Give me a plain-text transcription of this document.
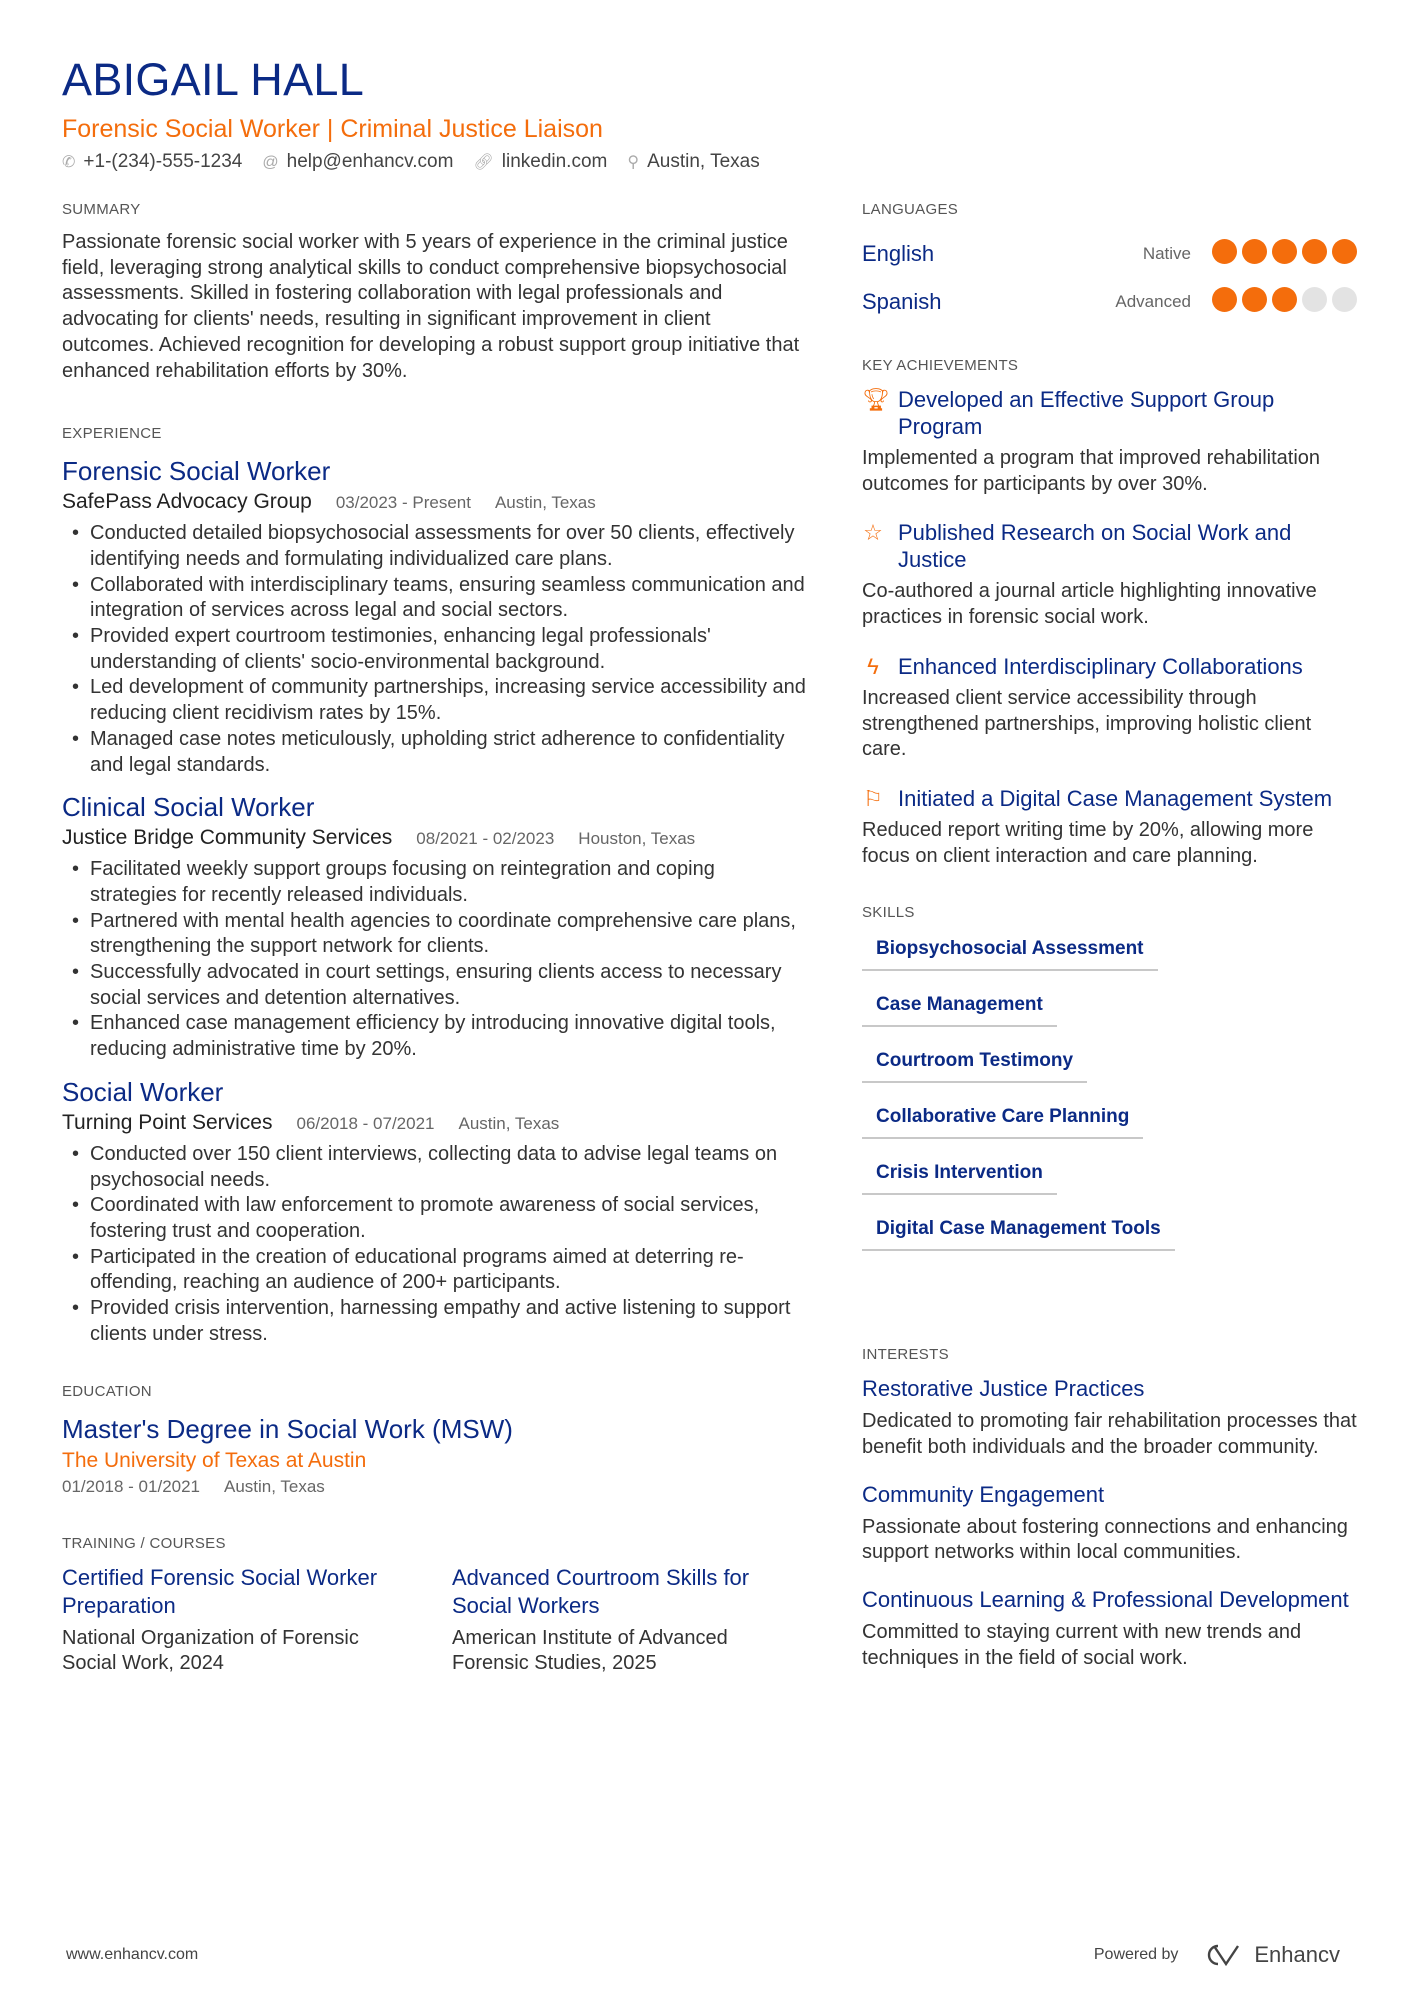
ABIGAIL HALL
Forensic Social Worker | Criminal Justice Liaison
✆ +1-(234)-555-1234 @ help@enhancv.com 🔗︎ linkedin.com ⚲ Austin, Texas
SUMMARY
Passionate forensic social worker with 5 years of experience in the criminal justice field, leveraging strong analytical skills to conduct comprehensive biopsychosocial assessments. Skilled in fostering collaboration with legal professionals and advocating for clients' needs, resulting in significant improvement in client outcomes. Achieved recognition for developing a robust support group initiative that enhanced rehabilitation efforts by 30%.
EXPERIENCE
Forensic Social Worker
SafePass Advocacy Group 03/2023 - Present Austin, Texas
• Conducted detailed biopsychosocial assessments for over 50 clients, effectively identifying needs and formulating individualized care plans.
• Collaborated with interdisciplinary teams, ensuring seamless communication and integration of services across legal and social sectors.
• Provided expert courtroom testimonies, enhancing legal professionals' understanding of clients' socio-environmental background.
• Led development of community partnerships, increasing service accessibility and reducing client recidivism rates by 15%.
• Managed case notes meticulously, upholding strict adherence to confidentiality and legal standards.
Clinical Social Worker
Justice Bridge Community Services 08/2021 - 02/2023 Houston, Texas
• Facilitated weekly support groups focusing on reintegration and coping strategies for recently released individuals.
• Partnered with mental health agencies to coordinate comprehensive care plans, strengthening the support network for clients.
• Successfully advocated in court settings, ensuring clients access to necessary social services and detention alternatives.
• Enhanced case management efficiency by introducing innovative digital tools, reducing administrative time by 20%.
Social Worker
Turning Point Services 06/2018 - 07/2021 Austin, Texas
• Conducted over 150 client interviews, collecting data to advise legal teams on psychosocial needs.
• Coordinated with law enforcement to promote awareness of social services, fostering trust and cooperation.
• Participated in the creation of educational programs aimed at deterring re-offending, reaching an audience of 200+ participants.
• Provided crisis intervention, harnessing empathy and active listening to support clients under stress.
EDUCATION
Master's Degree in Social Work (MSW)
The University of Texas at Austin
01/2018 - 01/2021 Austin, Texas
TRAINING / COURSES
Certified Forensic Social Worker Preparation
National Organization of Forensic Social Work, 2024
Advanced Courtroom Skills for Social Workers
American Institute of Advanced Forensic Studies, 2025
LANGUAGES
English	Native
Spanish	Advanced
KEY ACHIEVEMENTS
🏆︎ Developed an Effective Support Group Program
Implemented a program that improved rehabilitation outcomes for participants by over 30%.
☆ Published Research on Social Work and Justice
Co-authored a journal article highlighting innovative practices in forensic social work.
ϟ Enhanced Interdisciplinary Collaborations
Increased client service accessibility through strengthened partnerships, improving holistic client care.
⚐ Initiated a Digital Case Management System
Reduced report writing time by 20%, allowing more focus on client interaction and care planning.
SKILLS
Biopsychosocial Assessment
Case Management
Courtroom Testimony
Collaborative Care Planning
Crisis Intervention
Digital Case Management Tools
INTERESTS
Restorative Justice Practices
Dedicated to promoting fair rehabilitation processes that benefit both individuals and the broader community.
Community Engagement
Passionate about fostering connections and enhancing support networks within local communities.
Continuous Learning & Professional Development
Committed to staying current with new trends and techniques in the field of social work.
www.enhancv.com	Powered by	Enhancv
